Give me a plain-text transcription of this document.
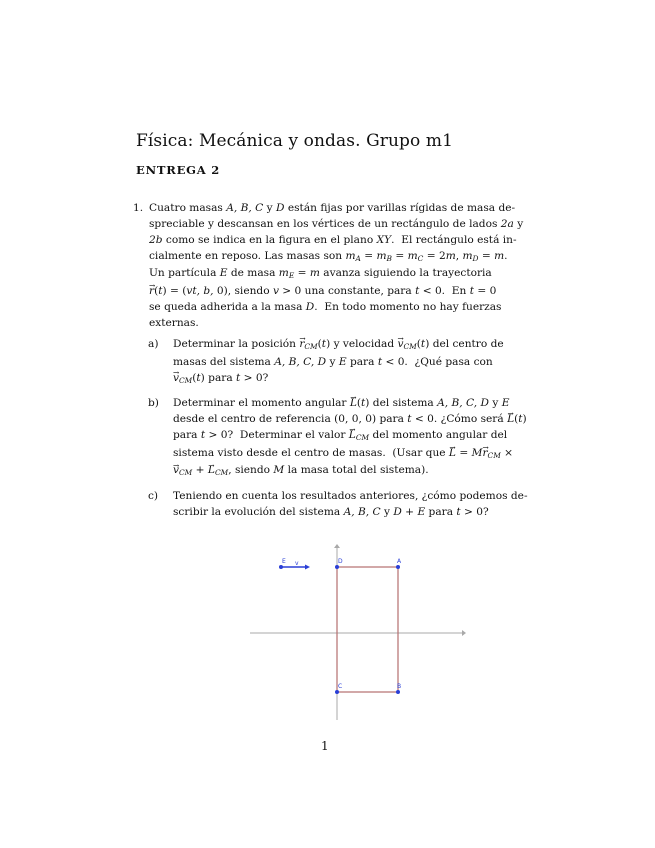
Física: Mecánica y ondas. Grupo m1
ENTREGA 2
1. Cuatro masas A, B, C y D están fijas por varillas rígidas de masa de-
spreciable y descansan en los vértices de un rectángulo de lados 2a y
2b como se indica en la figura en el plano XY.  El rectángulo está in-
cialmente en reposo. Las masas son $m_A = m_B = m_C = 2m$, $m_D = m$.
Un partícula E de masa $m_E = m$ avanza siguiendo la trayectoria
→ r(t) = (vt, b, 0), siendo v > 0 una constante, para t < 0.  En t = 0
se queda adherida a la masa D.  En todo momento no hay fuerzas
externas.
a) Determinar la posición → $r_{CM}(t)$ y velocidad → $v_{CM}(t)$ del centro de
masas del sistema A, B, C, D y E para t < 0.  ¿Qué pasa con
→ $v_{CM}(t)$ para t > 0?
b) Determinar el momento angular → L(t) del sistema A, B, C, D y E
desde el centro de referencia (0, 0, 0) para t < 0. ¿Cómo será → L(t)
para t > 0?  Determinar el valor → $L_{CM}$ del momento angular del
sistema visto desde el centro de masas.  (Usar que → $L = M\to r_{CM}$ ×
→ $v_{CM}$ + → $L_{CM}$, siendo M la masa total del sistema).
c) Teniendo en cuenta los resultados anteriores, ¿cómo podemos de-
scribir la evolución del sistema A, B, C y D + E para t > 0?
E	D	A
C	B
v
1
